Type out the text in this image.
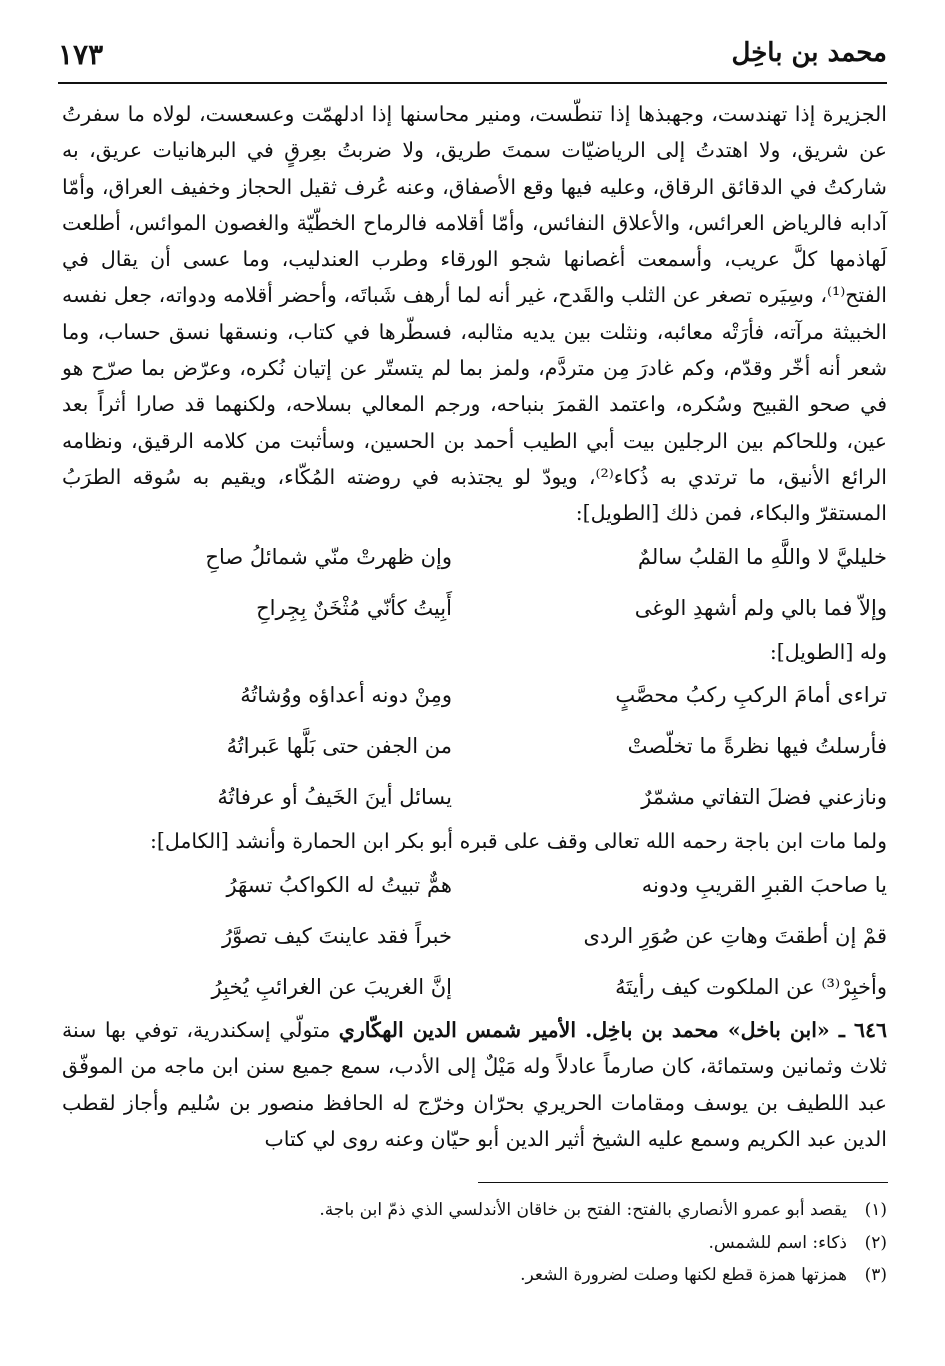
محمد بن باخِل
١٧٣

الجزيرة إذا تهندست، وجهبذها إذا تنطّست، ومنير محاسنها إذا ادلهمّت وعسعست، لولاه ما سفرتُ عن شريق، ولا اهتدتُ إلى الرياضيّات سمتَ طريق، ولا ضربتُ بعِرقٍ في البرهانيات عريق، به شاركتُ في الدقائق الرقاق، وعليه فيها وقع الأصفاق، وعنه عُرف ثقيل الحجاز وخفيف العراق، وأمّا آدابه فالرياض العرائس، والأعلاق النفائس، وأمّا أقلامه فالرماح الخطّيّة والغصون الموائس، أطلعت لَهاذمها كلَّ عريب، وأسمعت أغصانها شجو الورقاء وطرب العندليب، وما عسى أن يقال في الفتح⁽¹⁾، وسِيَره تصغر عن الثلب والقَدح، غير أنه لما أرهف شَباتَه، وأحضر أقلامه ودواته، جعل نفسه الخبيثة مرآته، فأرَتْه معائبه، ونثلت بين يديه مثالبه، فسطّرها في كتاب، ونسقها نسق حساب، وما شعر أنه أخّر وقدّم، وكم غادرَ مِن متردَّم، ولمز بما لم يتستّر عن إتيان نُكره، وعرّض بما صرّح هو في صحو القبيح وسُكره، واعتمد القمرَ بنباحه، ورجم المعالي بسلاحه، ولكنهما قد صارا أثراً بعد عين، وللحاكم بين الرجلين بيت أبي الطيب أحمد بن الحسين، وسأثبت من كلامه الرقيق، ونظامه الرائع الأنيق، ما ترتدي به ذُكاء⁽²⁾، ويودّ لو يجتذبه في روضته المُكّاء، ويقيم به سُوقه الطرَبُ المستقرّ والبكاء، فمن ذلك [الطويل]:

خليليَّ لا واللَّهِ ما القلبُ سالمٌ
وإن ظهرتْ منّي شمائلُ صاحِ
وإلاّ فما بالي ولم أشهدِ الوغى
أَبِيتُ كأنّي مُثْخَنٌ بِجِراحِ

وله [الطويل]:

تراءى أمامَ الركبِ ركبُ محصَّبٍ
ومِنْ دونه أعداؤه ووُشاتُهُ
فأرسلتُ فيها نظرةً ما تخلّصتْ
من الجفن حتى بَلَّها عَبراتُهُ
ونازعني فضلَ التفاتي مشمّرٌ
يسائل أينَ الخَيفُ أو عرفاتُهُ

ولما مات ابن باجة رحمه الله تعالى وقف على قبره أبو بكر ابن الحمارة وأنشد [الكامل]:

يا صاحبَ القبرِ القريبِ ودونه
همٌّ تبيتُ له الكواكبُ تسهَرُ
قمْ إن أطقتَ وهاتِ عن صُوَرِ الردى
خبراً فقد عاينتَ كيف تصوَّرُ
وأخبِرْ⁽³⁾ عن الملكوت كيف رأيتَهُ
إنَّ الغريبَ عن الغرائبِ يُخبِرُ

٦٤٦ ـ «ابن باخل» محمد بن باخِل. الأمير شمس الدين الهكّاري متولّي إسكندرية، توفي بها سنة ثلاث وثمانين وستمائة، كان صارماً عادلاً وله مَيْلٌ إلى الأدب، سمع جميع سنن ابن ماجه من الموفّق عبد اللطيف بن يوسف ومقامات الحريري بحرّان وخرّج له الحافظ منصور بن سُليم وأجاز لقطب الدين عبد الكريم وسمع عليه الشيخ أثير الدين أبو حيّان وعنه روى لي كتاب

(١)يقصد أبو عمرو الأنصاري بالفتح: الفتح بن خاقان الأندلسي الذي ذمّ ابن باجة.
(٢)ذكاء: اسم للشمس.
(٣)همزتها همزة قطع لكنها وصلت لضرورة الشعر.
